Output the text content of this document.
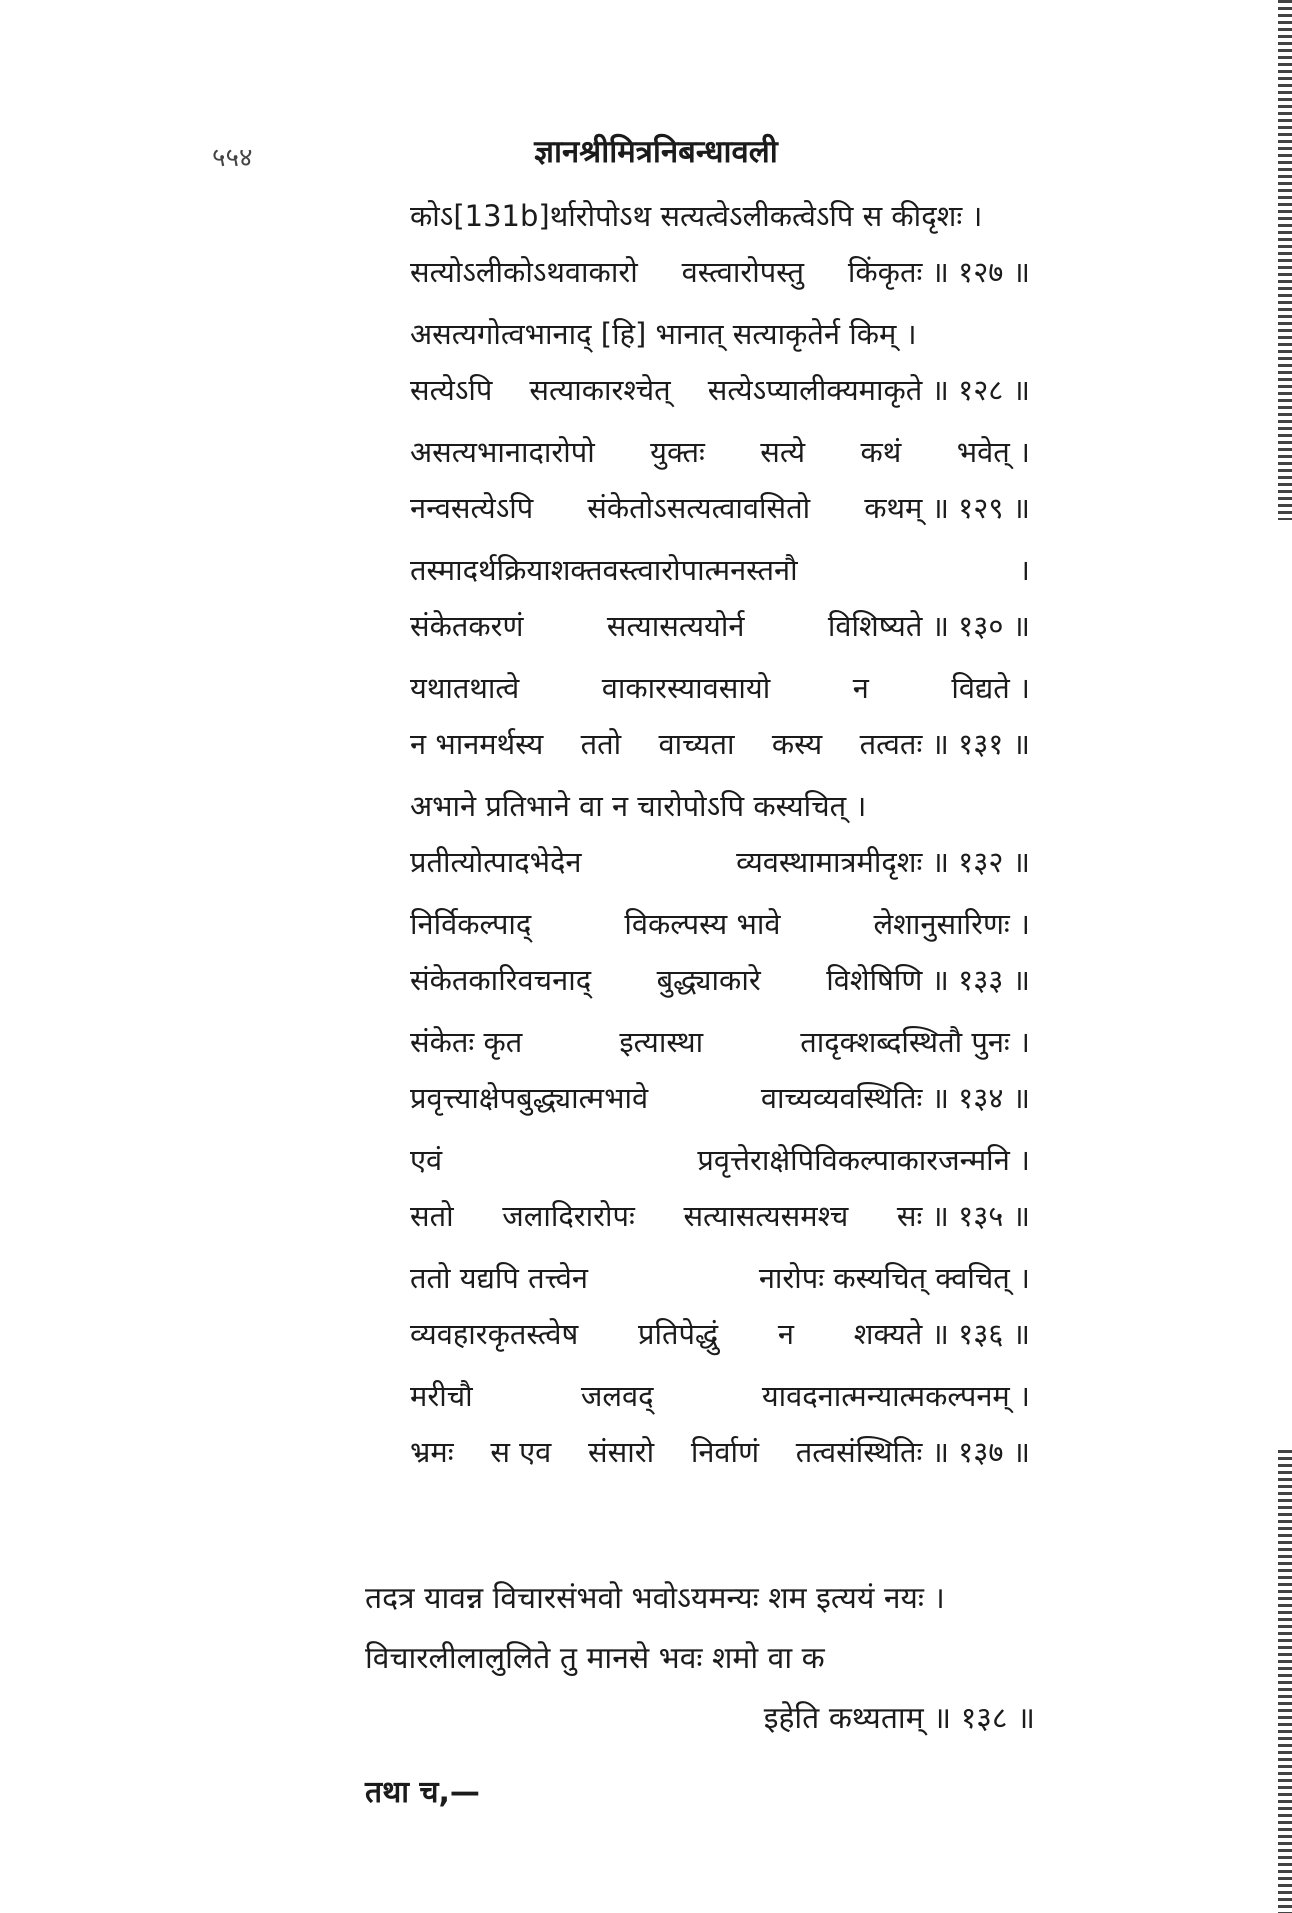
५५४	ज्ञानश्रीमित्रनिबन्धावली
कोऽ[131b]र्थारोपोऽथ सत्यत्वेऽलीकत्वेऽपि स कीदृशः ।
सत्योऽलीकोऽथवाकारो वस्त्वारोपस्तु किंकृतः ॥ १२७ ॥
असत्यगोत्वभानाद् [हि] भानात् सत्याकृतेर्न किम् ।
सत्येऽपि सत्याकारश्चेत् सत्येऽप्यालीक्यमाकृते ॥ १२८ ॥
असत्यभानादारोपो युक्तः सत्ये कथं भवेत् ।
नन्वसत्येऽपि संकेतोऽसत्यत्वावसितो कथम् ॥ १२९ ॥
तस्मादर्थक्रियाशक्तवस्त्वारोपात्मनस्तनौ	।
संकेतकरणं	सत्यासत्ययोर्न	विशिष्यते ॥ १३० ॥
यथातथात्वे	वाकारस्यावसायो	न	विद्यते ।
न भानमर्थस्य ततो वाच्यता कस्य तत्वतः ॥ १३१ ॥
अभाने प्रतिभाने वा न चारोपोऽपि कस्यचित् ।
प्रतीत्योत्पादभेदेन	व्यवस्थामात्रमीदृशः ॥ १३२ ॥
निर्विकल्पाद्	विकल्पस्य भावे	लेशानुसारिणः ।
संकेतकारिवचनाद् बुद्ध्याकारे विशेषिणि ॥ १३३ ॥
संकेतः कृत	इत्यास्था	तादृक्शब्दस्थितौ पुनः ।
प्रवृत्त्याक्षेपबुद्ध्यात्मभावे	वाच्यव्यवस्थितिः ॥ १३४ ॥
एवं	प्रवृत्तेराक्षेपिविकल्पाकारजन्मनि ।
सतो जलादिरारोपः सत्यासत्यसमश्च सः ॥ १३५ ॥
ततो यद्यपि तत्त्वेन	नारोपः कस्यचित् क्वचित् ।
व्यवहारकृतस्त्वेष प्रतिपेद्धुं न शक्यते ॥ १३६ ॥
मरीचौ	जलवद्	यावदनात्मन्यात्मकल्पनम् ।
भ्रमः स एव संसारो निर्वाणं तत्वसंस्थितिः ॥ १३७ ॥
तदत्र यावन्न विचारसंभवो भवोऽयमन्यः शम इत्ययं नयः ।
विचारलीलालुलिते तु मानसे भवः शमो वा क
इहेति कथ्यताम् ॥ १३८ ॥
तथा च,—
